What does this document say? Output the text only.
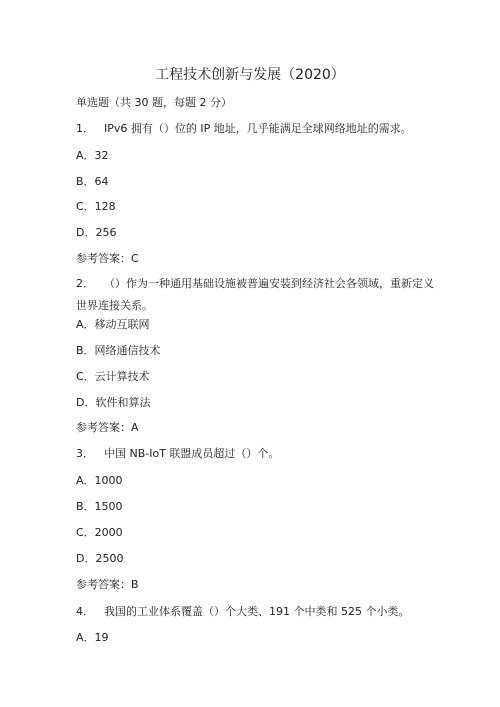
工程技术创新与发展（2020）
单选题（共 30 题，每题 2 分）
1． IPv6 拥有（）位的 IP 地址，几乎能满足全球网络地址的需求。
A．32
B．64
C．128
D．256
参考答案：C
2． （）作为一种通用基础设施被普遍安装到经济社会各领域，重新定义世界连接关系。
A．移动互联网
B．网络通信技术
C．云计算技术
D．软件和算法
参考答案：A
3． 中国 NB-IoT 联盟成员超过（）个。
A．1000
B．1500
C．2000
D．2500
参考答案：B
4． 我国的工业体系覆盖（）个大类、191 个中类和 525 个小类。
A．19
